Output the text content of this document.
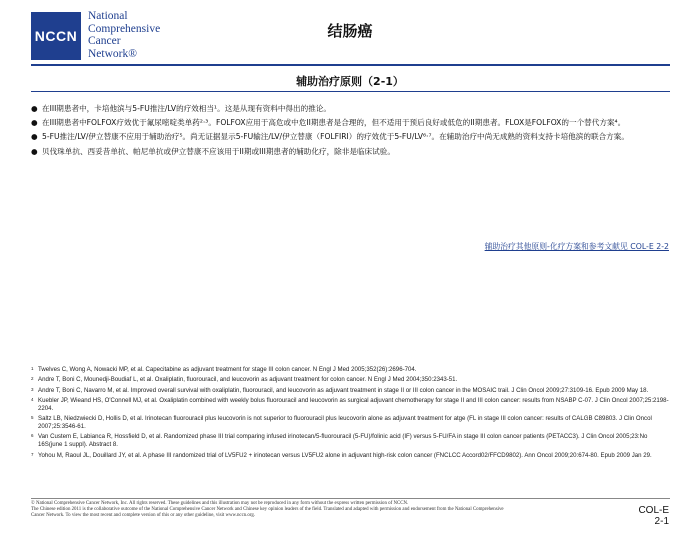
NCCN
National
Comprehensive
Cancer
Network®
结肠癌
辅助治疗原则（2-1）
● 在III期患者中，卡培他滨与5-FU推注/LV的疗效相当¹。这是从现有资料中得出的推论。
● 在III期患者中FOLFOX疗效优于氟尿嘧啶类单药²·³。FOLFOX应用于高危或中危II期患者是合理的，但不适用于预后良好或低危的II期患者。FLOX是FOLFOX的一个替代方案⁴。
● 5-FU推注/LV/伊立替康不应用于辅助治疗⁵。尚无证据显示5-FU输注/LV/伊立替康（FOLFIRI）的疗效优于5-FU/LV⁶·⁷。在辅助治疗中尚无成熟的资料支持卡培他滨的联合方案。
● 贝伐珠单抗、西妥昔单抗、帕尼单抗或伊立替康不应该用于II期或III期患者的辅助化疗，除非是临床试验。
辅助治疗其他原则-化疗方案和参考文献见 COL-E 2-2
1 Twelves C, Wong A, Nowacki MP, et al. Capecitabine as adjuvant treatment for stage III colon cancer. N Engl J Med 2005;352(26):2696-704.
2 Andre T, Boni C, Mounedji-Boudiaf L, et al. Oxaliplatin, fluorouracil, and leucovorin as adjuvant treatment for colon cancer. N Engl J Med 2004;350:2343-51.
3 Andre T, Boni C, Navarro M, et al. Improved overall survival with oxaliplatin, fluorouracil, and leucovorin as adjuvant treatment in stage II or III colon cancer in the MOSAIC trail. J Clin Oncol 2009;27:3109-16. Epub 2009 May 18.
4 Kuebler JP, Wieand HS, O'Connell MJ, et al. Oxaliplatin combined with weekly bolus fluorouracil and leucovorin as surgical adjuvant chemotherapy for stage II and III colon cancer: results from NSABP C-07. J Clin Oncol 2007;25:2198-2204.
5 Saltz LB, Niedzwiecki D, Hollis D, et al. Irinotecan fluorouracil plus leucovorin is not superior to fluorouracil plus leucovorin alone as adjuvant treatment for atge (FL in stage III colon cancer: results of CALGB C89803. J Clin Oncol 2007;25:3546-61.
6 Van Custem E, Labianca R, Hossfield D, et al. Randomized phase III trial comparing infused irinotecan/5-fluorouracil (5-FU)/folinic acid (IF) versus 5-FU/FA in stage III colon cancer patients (PETACC3). J Clin Oncol 2005;23:No 16S(june 1 suppl). Abstract 8.
7 Yohou M, Raoul JL, Douillard JY, et al. A phase III randomized trial of LV5FU2 + irinotecan versus LV5FU2 alone in adjuvant high-risk colon cancer (FNCLCC Accord02/FFCD9802). Ann Oncol 2009;20:674-80. Epub 2009 Jan 29.
© National Comprehensive Cancer Network, Inc. All rights reserved. These guidelines and this illustration may not be reproduced in any form without the express written permission of NCCN.
The Chinese edition 2011 is the collaborative outcome of the National Comprehensive Cancer Network and Chinese key opinion leaders of the field. Translated and adapted with permission and endorsement from the National Comprehensive
Cancer Network. To view the most recent and complete version of this or any other guideline, visit www.nccn.org.	COL-E
2-1
